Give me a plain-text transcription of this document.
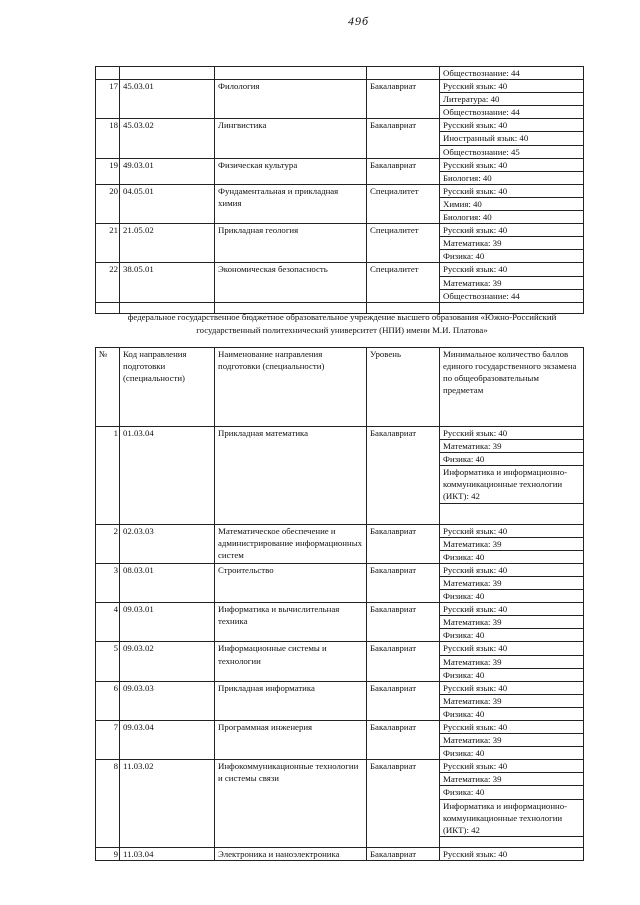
49б
				Обществознание: 44
17	45.03.01	Филология	Бакалавриат	Русский язык: 40
				Литература: 40
				Обществознание: 44
18	45.03.02	Лингвистика	Бакалавриат	Русский язык: 40
				Иностранный язык: 40
				Обществознание: 45
19	49.03.01	Физическая культура	Бакалавриат	Русский язык: 40
				Биология: 40
20	04.05.01	Фундаментальная и прикладная химия	Специалитет	Русский язык: 40
				Химия: 40
				Биология: 40
21	21.05.02	Прикладная геология	Специалитет	Русский язык: 40
				Математика: 39
				Физика: 40
22	38.05.01	Экономическая безопасность	Специалитет	Русский язык: 40
				Математика: 39
				Обществознание: 44

федеральное государственное бюджетное образовательное учреждение высшего образования «Южно-Российский государственный политехнический университет (НПИ) имени М.И. Платова»
№	Код направления подготовки (специальности)	Наименование направления подготовки (специальности)	Уровень	Минимальное количество баллов единого государственного экзамена по общеобразовательным предметам
1	01.03.04	Прикладная математика	Бакалавриат	Русский язык: 40
				Математика: 39
				Физика: 40
				Информатика и информационно-коммуникационные технологии (ИКТ): 42

2	02.03.03	Математическое обеспечение и администрирование информационных систем	Бакалавриат	Русский язык: 40
				Математика: 39
				Физика: 40
3	08.03.01	Строительство	Бакалавриат	Русский язык: 40
				Математика: 39
				Физика: 40
4	09.03.01	Информатика и вычислительная техника	Бакалавриат	Русский язык: 40
				Математика: 39
				Физика: 40
5	09.03.02	Информационные системы и технологии	Бакалавриат	Русский язык: 40
				Математика: 39
				Физика: 40
6	09.03.03	Прикладная информатика	Бакалавриат	Русский язык: 40
				Математика: 39
				Физика: 40
7	09.03.04	Программная инженерия	Бакалавриат	Русский язык: 40
				Математика: 39
				Физика: 40
8	11.03.02	Инфокоммуникационные технологии и системы связи	Бакалавриат	Русский язык: 40
				Математика: 39
				Физика: 40
				Информатика и информационно-коммуникационные технологии (ИКТ): 42

9	11.03.04	Электроника и наноэлектроника	Бакалавриат	Русский язык: 40
